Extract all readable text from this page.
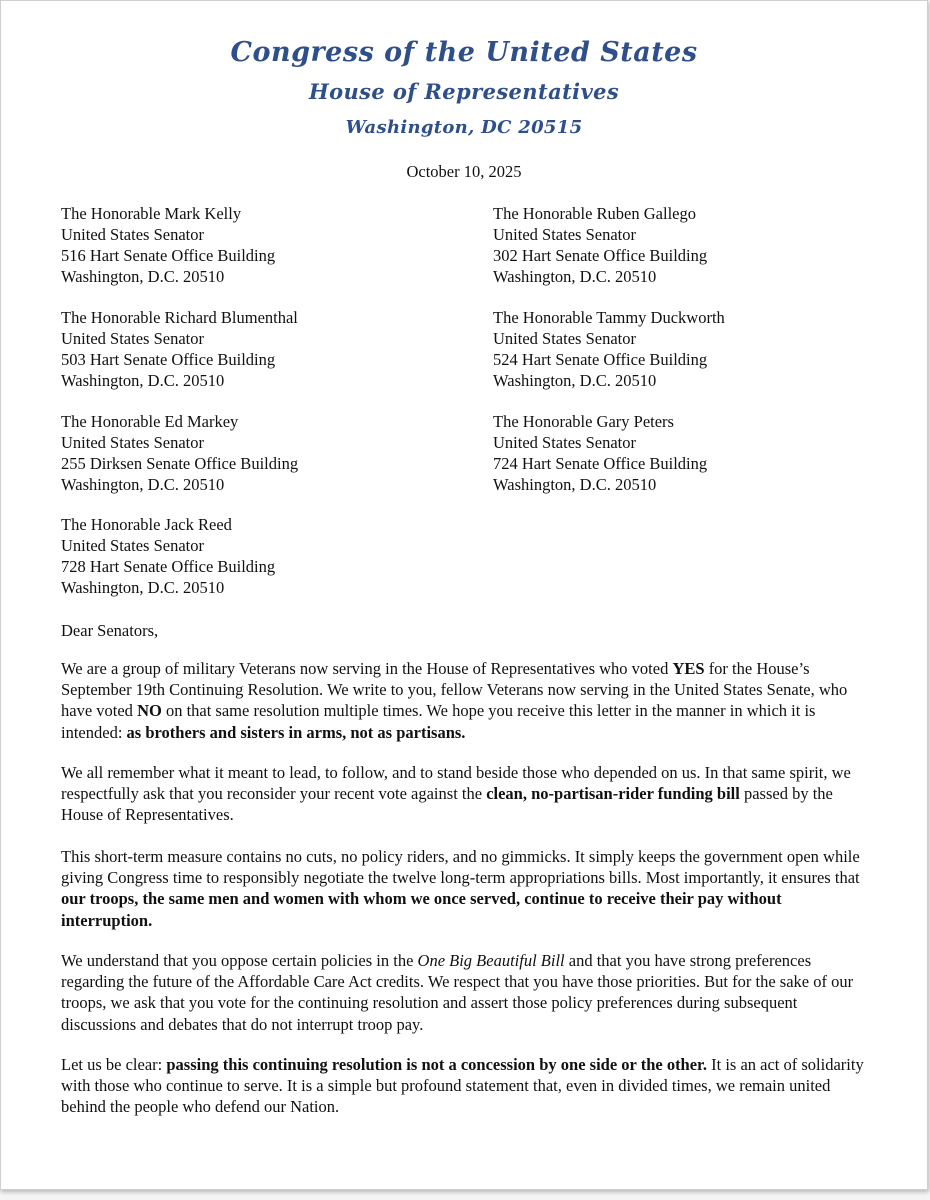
Congress of the United States
House of Representatives
Washington, DC 20515
October 10, 2025
The Honorable Mark Kelly
United States Senator
516 Hart Senate Office Building
Washington, D.C. 20510
The Honorable Ruben Gallego
United States Senator
302 Hart Senate Office Building
Washington, D.C. 20510
The Honorable Richard Blumenthal
United States Senator
503 Hart Senate Office Building
Washington, D.C. 20510
The Honorable Tammy Duckworth
United States Senator
524 Hart Senate Office Building
Washington, D.C. 20510
The Honorable Ed Markey
United States Senator
255 Dirksen Senate Office Building
Washington, D.C. 20510
The Honorable Gary Peters
United States Senator
724 Hart Senate Office Building
Washington, D.C. 20510
The Honorable Jack Reed
United States Senator
728 Hart Senate Office Building
Washington, D.C. 20510
Dear Senators,

We are a group of military Veterans now serving in the House of Representatives who voted YES for the House’s September 19th Continuing Resolution. We write to you, fellow Veterans now serving in the United States Senate, who have voted NO on that same resolution multiple times. We hope you receive this letter in the manner in which it is intended: as brothers and sisters in arms, not as partisans.

We all remember what it meant to lead, to follow, and to stand beside those who depended on us. In that same spirit, we respectfully ask that you reconsider your recent vote against the clean, no-partisan-rider funding bill passed by the House of Representatives.

This short-term measure contains no cuts, no policy riders, and no gimmicks. It simply keeps the government open while giving Congress time to responsibly negotiate the twelve long-term appropriations bills. Most importantly, it ensures that our troops, the same men and women with whom we once served, continue to receive their pay without interruption.

We understand that you oppose certain policies in the One Big Beautiful Bill and that you have strong preferences regarding the future of the Affordable Care Act credits. We respect that you have those priorities. But for the sake of our troops, we ask that you vote for the continuing resolution and assert those policy preferences during subsequent discussions and debates that do not interrupt troop pay.

Let us be clear: passing this continuing resolution is not a concession by one side or the other. It is an act of solidarity with those who continue to serve. It is a simple but profound statement that, even in divided times, we remain united behind the people who defend our Nation.
